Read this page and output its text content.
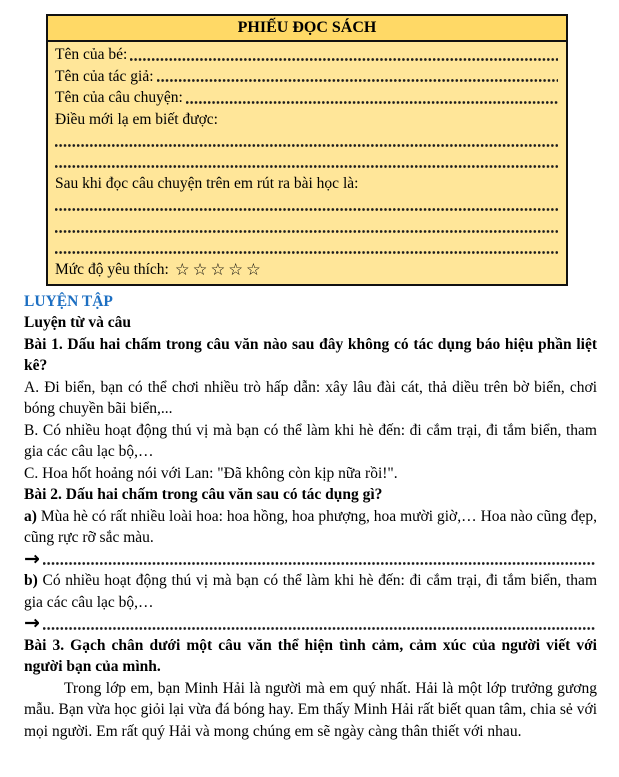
PHIẾU ĐỌC SÁCH
Tên của bé:
Tên của tác giả:
Tên của câu chuyện:
Điều mới lạ em biết được:
Sau khi đọc câu chuyện trên em rút ra bài học là:
Mức độ yêu thích: ☆☆☆☆☆

LUYỆN TẬP

Luyện từ và câu

Bài 1. Dấu hai chấm trong câu văn nào sau đây không có tác dụng báo hiệu phần liệt kê?

A. Đi biển, bạn có thể chơi nhiều trò hấp dẫn: xây lâu đài cát, thả diều trên bờ biển, chơi bóng chuyền bãi biển,...

B. Có nhiều hoạt động thú vị mà bạn có thể làm khi hè đến: đi cắm trại, đi tắm biển, tham gia các câu lạc bộ,…

C. Hoa hốt hoảng nói với Lan: "Đã không còn kịp nữa rồi!".

Bài 2. Dấu hai chấm trong câu văn sau có tác dụng gì?

a) Mùa hè có rất nhiều loài hoa: hoa hồng, hoa phượng, hoa mười giờ,… Hoa nào cũng đẹp, cũng rực rỡ sắc màu.

→

b) Có nhiều hoạt động thú vị mà bạn có thể làm khi hè đến: đi cắm trại, đi tắm biển, tham gia các câu lạc bộ,…

→

Bài 3. Gạch chân dưới một câu văn thể hiện tình cảm, cảm xúc của người viết với người bạn của mình.

Trong lớp em, bạn Minh Hải là người mà em quý nhất. Hải là một lớp trưởng gương mẫu. Bạn vừa học giỏi lại vừa đá bóng hay. Em thấy Minh Hải rất biết quan tâm, chia sẻ với mọi người. Em rất quý Hải và mong chúng em sẽ ngày càng thân thiết với nhau.
